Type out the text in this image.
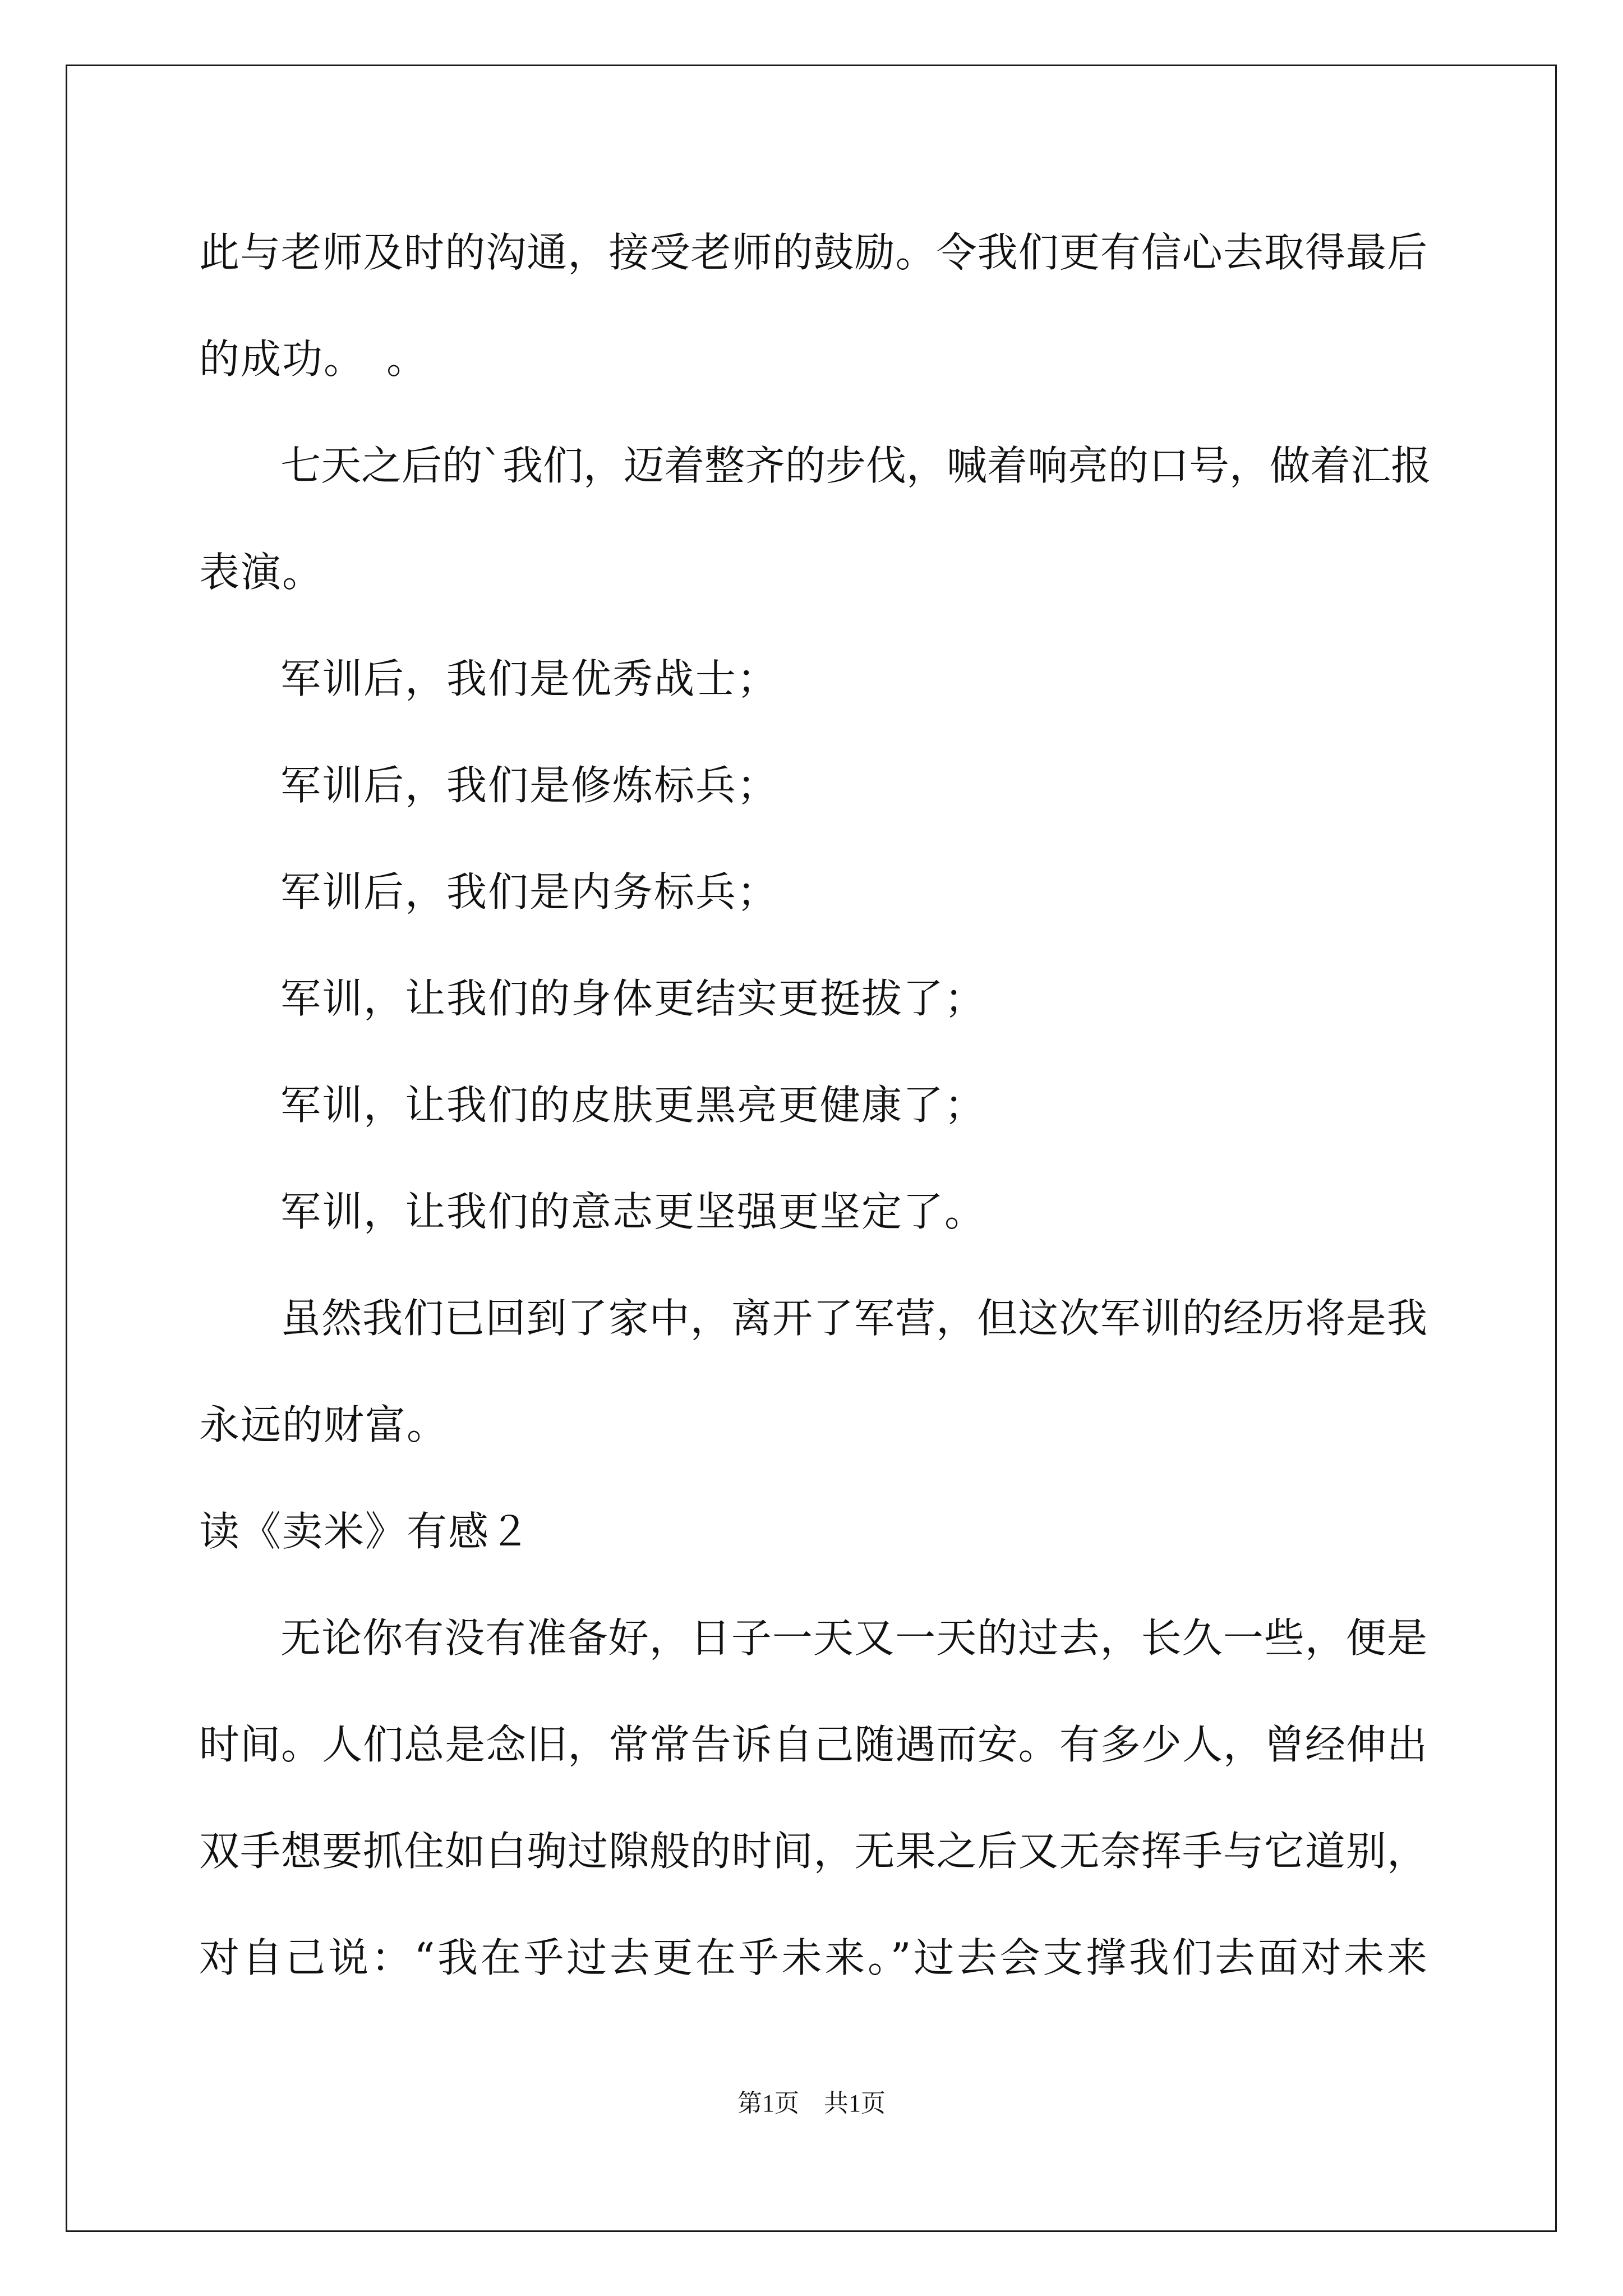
此与老师及时的沟通，接受老师的鼓励。令我们更有信心去取得最后
的成功。　。
七天之后的`我们，迈着整齐的步伐，喊着响亮的口号，做着汇报
表演。
军训后，我们是优秀战士；
军训后，我们是修炼标兵；
军训后，我们是内务标兵；
军训，让我们的身体更结实更挺拔了；
军训，让我们的皮肤更黑亮更健康了；
军训，让我们的意志更坚强更坚定了。
虽然我们已回到了家中，离开了军营，但这次军训的经历将是我
永远的财富。
读《卖米》有感２
无论你有没有准备好，日子一天又一天的过去，长久一些，便是
时间。人们总是念旧，常常告诉自己随遇而安。有多少人，曾经伸出
双手想要抓住如白驹过隙般的时间，无果之后又无奈挥手与它道别，
对自己说：“我在乎过去更在乎未来。”过去会支撑我们去面对未来
第1页　共1页
